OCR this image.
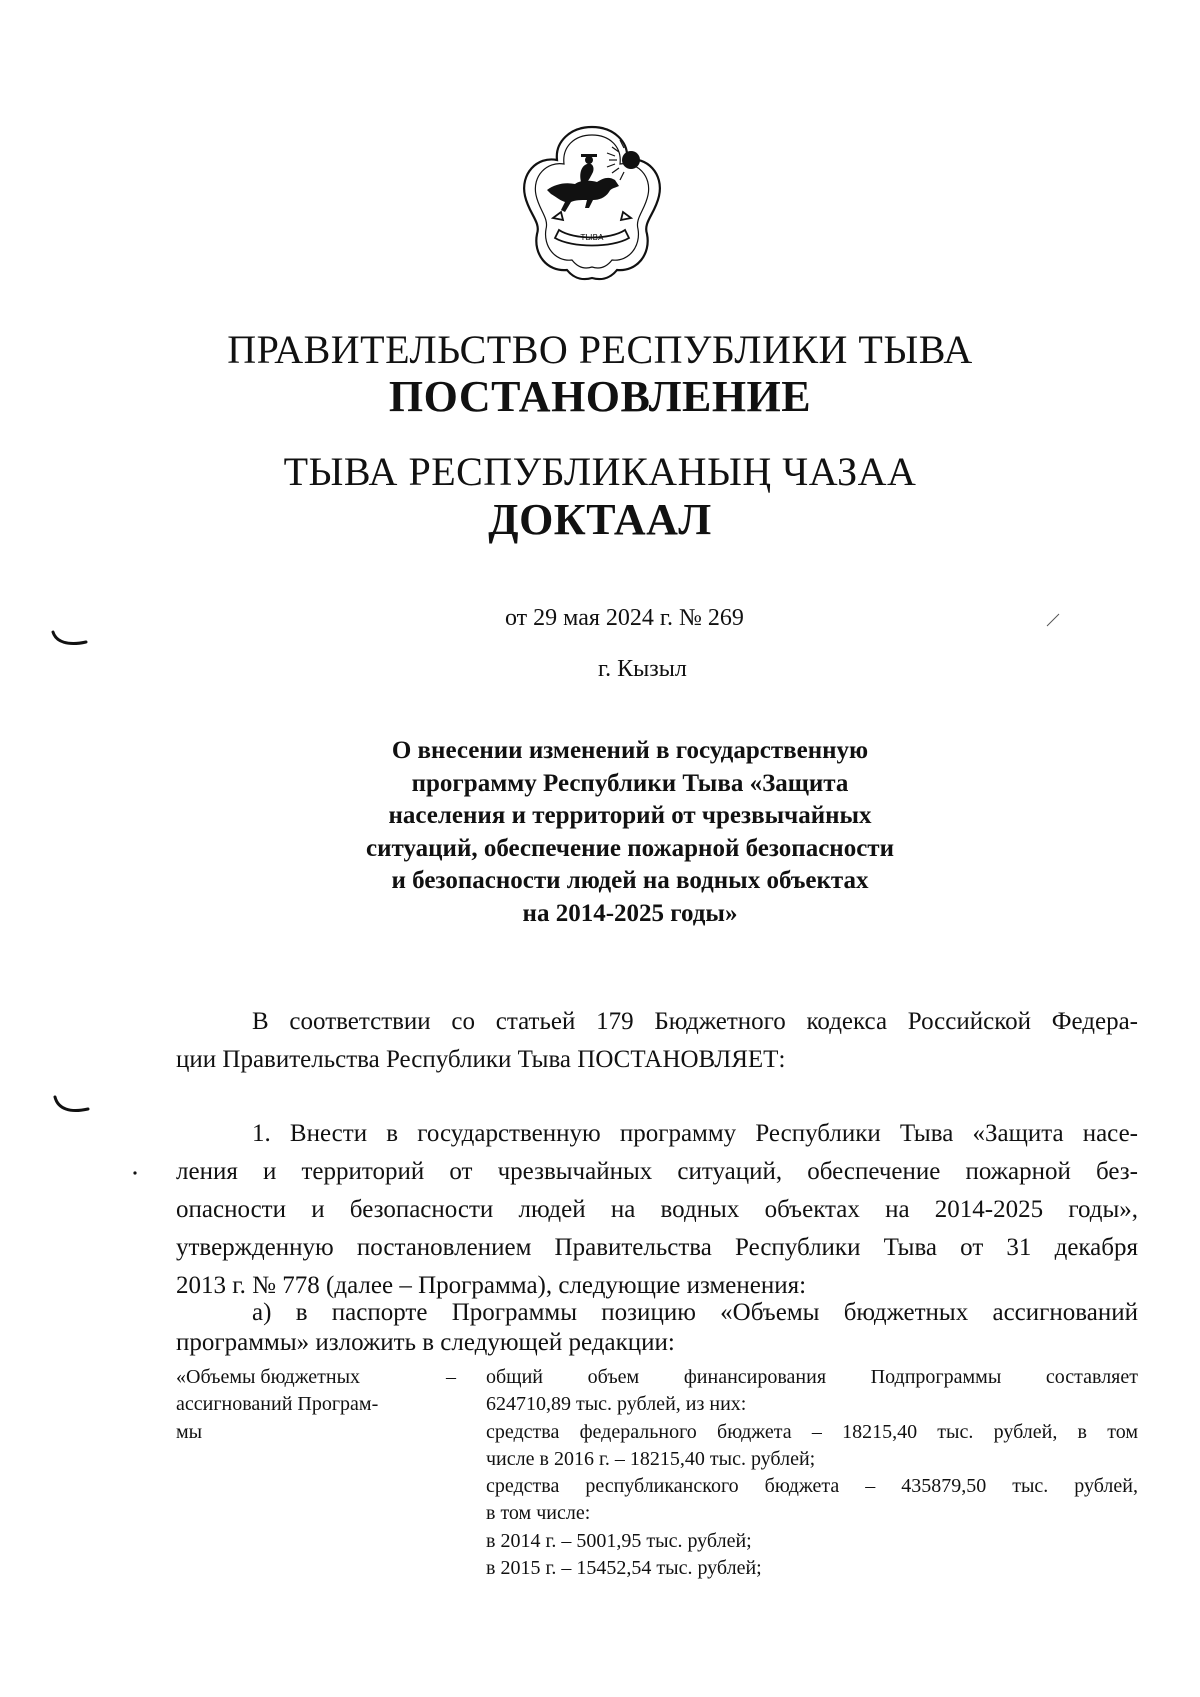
ТЫВА
ПРАВИТЕЛЬСТВО РЕСПУБЛИКИ ТЫВА
ПОСТАНОВЛЕНИЕ
ТЫВА РЕСПУБЛИКАНЫҢ ЧАЗАА
ДОКТААЛ
от 29 мая 2024 г. № 269
г. Кызыл
О внесении изменений в государственную
программу Республики Тыва «Защита
населения и территорий от чрезвычайных
ситуаций, обеспечение пожарной безопасности
и безопасности людей на водных объектах
на 2014-2025 годы»
В соответствии со статьей 179 Бюджетного кодекса Российской Федера-
ции Правительства Республики Тыва ПОСТАНОВЛЯЕТ:
1. Внести в государственную программу Республики Тыва «Защита насе-
ления и территорий от чрезвычайных ситуаций, обеспечение пожарной без-
опасности и безопасности людей на водных объектах на 2014-2025 годы»,
утвержденную постановлением Правительства Республики Тыва от 31 декабря
2013 г. № 778 (далее – Программа), следующие изменения:
а) в паспорте Программы позицию «Объемы бюджетных ассигнований
программы» изложить в следующей редакции:
«Объемы бюджетных
ассигнований Програм-
мы
– общий объем финансирования Подпрограммы составляет
624710,89 тыс. рублей, из них:
средства федерального бюджета – 18215,40 тыс. рублей, в том
числе в 2016 г. – 18215,40 тыс. рублей;
средства республиканского бюджета – 435879,50 тыс. рублей,
в том числе:
в 2014 г. – 5001,95 тыс. рублей;
в 2015 г. – 15452,54 тыс. рублей;
